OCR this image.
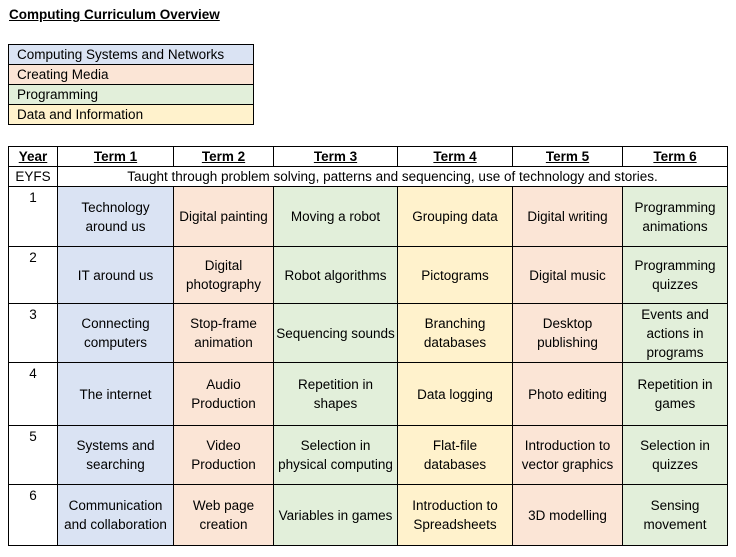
Computing Curriculum Overview
Computing Systems and Networks
Creating Media
Programming
Data and Information
Year	Term 1	Term 2	Term 3	Term 4	Term 5	Term 6
EYFS	Taught through problem solving, patterns and sequencing, use of technology and stories.					
1	Technology around us	Digital painting	Moving a robot	Grouping data	Digital writing	Programming animations
2	IT around us	Digital photography	Robot algorithms	Pictograms	Digital music	Programming quizzes
3	Connecting computers	Stop-frame animation	Sequencing sounds	Branching databases	Desktop publishing	Events and actions in programs
4	The internet	Audio Production	Repetition in shapes	Data logging	Photo editing	Repetition in games
5	Systems and searching	Video Production	Selection in physical computing	Flat-file databases	Introduction to vector graphics	Selection in quizzes
6	Communication and collaboration	Web page creation	Variables in games	Introduction to Spreadsheets	3D modelling	Sensing movement
